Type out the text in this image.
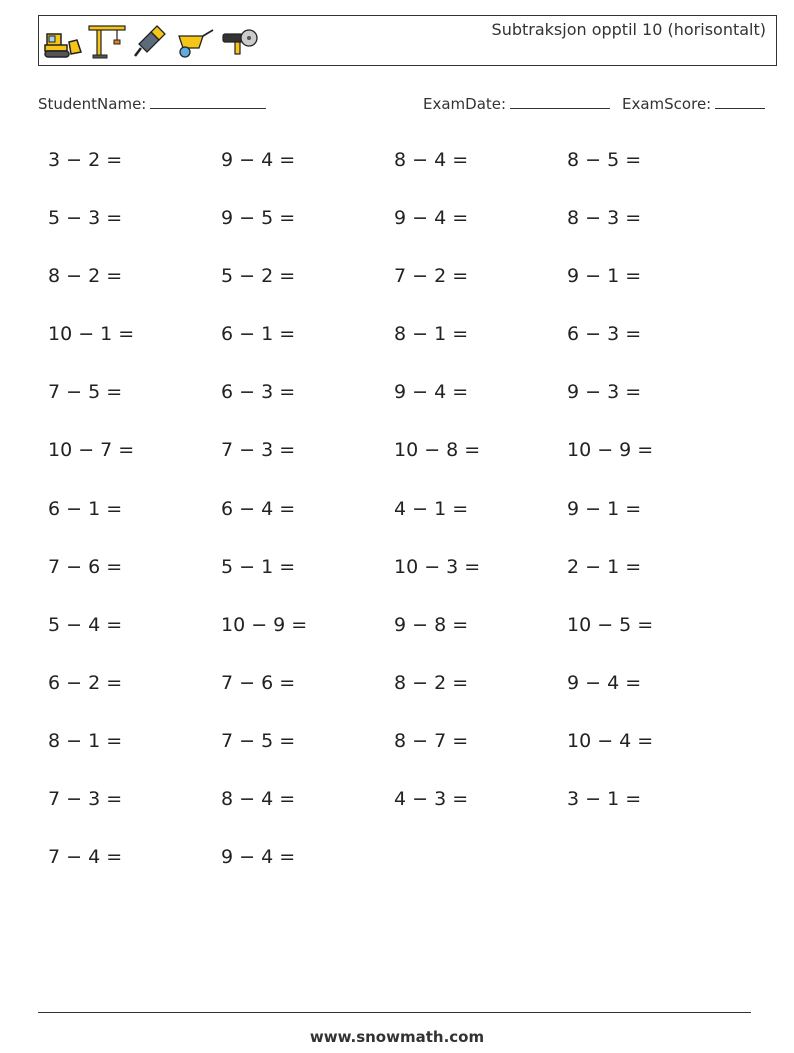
Subtraksjon opptil 10 (horisontalt)
StudentName:	ExamDate:	ExamScore:
3 − 2 =	9 − 4 =	8 − 4 =	8 − 5 =
5 − 3 =	9 − 5 =	9 − 4 =	8 − 3 =
8 − 2 =	5 − 2 =	7 − 2 =	9 − 1 =
10 − 1 =	6 − 1 =	8 − 1 =	6 − 3 =
7 − 5 =	6 − 3 =	9 − 4 =	9 − 3 =
10 − 7 =	7 − 3 =	10 − 8 =	10 − 9 =
6 − 1 =	6 − 4 =	4 − 1 =	9 − 1 =
7 − 6 =	5 − 1 =	10 − 3 =	2 − 1 =
5 − 4 =	10 − 9 =	9 − 8 =	10 − 5 =
6 − 2 =	7 − 6 =	8 − 2 =	9 − 4 =
8 − 1 =	7 − 5 =	8 − 7 =	10 − 4 =
7 − 3 =	8 − 4 =	4 − 3 =	3 − 1 =
7 − 4 =	9 − 4 =
www.snowmath.com
